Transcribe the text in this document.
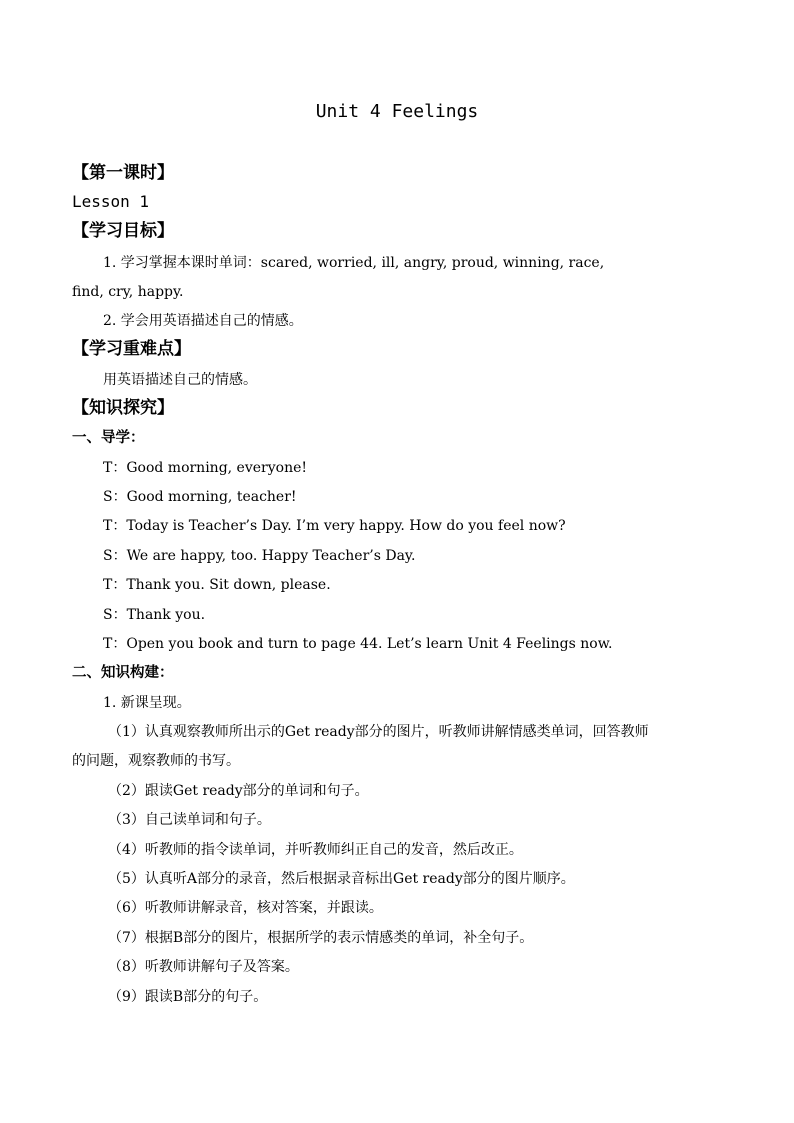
Unit 4 Feelings
【第一课时】
Lesson 1
【学习目标】
1. 学习掌握本课时单词：scared, worried, ill, angry, proud, winning, race,
find, cry, happy.
2. 学会用英语描述自己的情感。
【学习重难点】
用英语描述自己的情感。
【知识探究】
一、导学：
T：Good morning, everyone!
S：Good morning, teacher!
T：Today is Teacher’s Day. I’m very happy. How do you feel now?
S：We are happy, too. Happy Teacher’s Day.
T：Thank you. Sit down, please.
S：Thank you.
T：Open you book and turn to page 44. Let’s learn Unit 4 Feelings now.
二、知识构建：
1. 新课呈现。
（1）认真观察教师所出示的Get ready部分的图片，听教师讲解情感类单词，回答教师
的问题，观察教师的书写。
（2）跟读Get ready部分的单词和句子。
（3）自己读单词和句子。
（4）听教师的指令读单词，并听教师纠正自己的发音，然后改正。
（5）认真听A部分的录音，然后根据录音标出Get ready部分的图片顺序。
（6）听教师讲解录音，核对答案，并跟读。
（7）根据B部分的图片，根据所学的表示情感类的单词，补全句子。
（8）听教师讲解句子及答案。
（9）跟读B部分的句子。
